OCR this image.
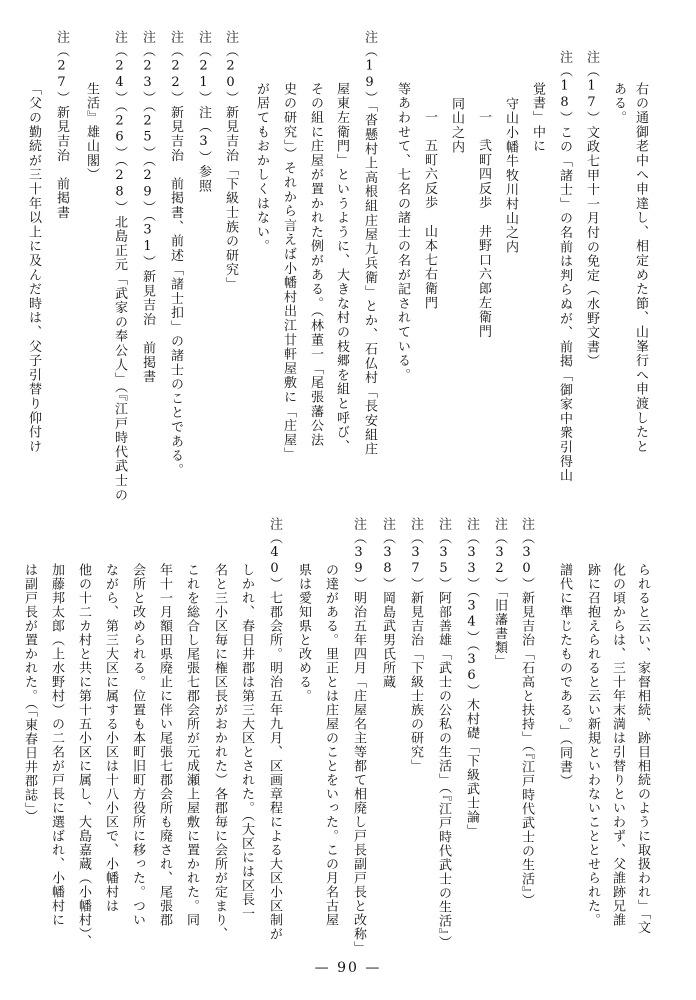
右の通御老中へ申達し、相定めた節、山峯行へ申渡したと
ある。
注（17）文政七甲十一月付の免定（水野文書）
注（18）この「諸士」の名前は判らぬが、前掲「御家中衆引得山
覚書」中に
守山小幡牛牧川村山之内
一　弐町四反歩　井野口六郎左衛門
同山之内
一　五町六反歩　山本七右衛門
等あわせて、七名の諸士の名が記されている。
注（19）「沓懸村上高根組庄屋九兵衛」とか、石仏村「長安組庄
屋東左衛門」というように、大きな村の枝郷を組と呼び、
その組に庄屋が置かれた例がある。（林董一「尾張藩公法
史の研究」）それから言えば小幡村出江廿軒屋敷に「庄屋」
が居てもおかしくはない。
注（20）新見吉治「下級士族の研究」
注（21）注（3）参照
注（22）新見吉治　前掲書、前述「諸士扣」の諸士のことである。
注（23）（25）（29）（31）新見吉治　前掲書
注（24）（26）（28）北島正元「武家の奉公人」（『江戸時代武士の
生活』雄山閣）
注（27）新見吉治　前掲書
「父の勤続が三十年以上に及んだ時は、父子引替り仰付け
られると云い、家督相続、跡目相続のように取扱われ」「文
化の頃からは、三十年末満は引替りといわず、父誰跡兄誰
跡に召抱えられると云い新規といわないこととせられた。
譜代に準じたものである。」（同書）
注（30）新見吉治「石高と扶持」（『江戸時代武士の生活』）
注（32）「旧藩書類」
注（33）（34）（36）木村礎「下級武士論」
注（35）阿部善雄「武士の公私の生活」（『江戸時代武士の生活』）
注（37）新見吉治「下級士族の研究」
注（38）岡島武男氏所蔵
注（39）明治五年四月「庄屋名主等都て相廃し戸長副戸長と改称」
の達がある。里正とは庄屋のことをいった。この月名古屋
県は愛知県と改める。
注（40）七郡会所。明治五年九月、区画章程による大区小区制が
しかれ、春日井郡は第三大区とされた。（大区には区長一
名と三小区毎に権区長がおかれた）各郡毎に会所が定まり、
これを総合し尾張七郡会所が元成瀬上屋敷に置かれた。同
年十一月額田県廃止に伴い尾張七郡会所も廃され、尾張郡
会所と改められる。位置も本町旧町方役所に移った。つい
ながら、第三大区に属する小区は十八小区で、小幡村は
他の十二カ村と共に第十五小区に属し、大島嘉蔵（小幡村）、
加藤邦太郎（上水野村）の二名が戸長に選ばれ、小幡村に
は副戸長が置かれた。（「東春日井郡誌」）
— 90 —
